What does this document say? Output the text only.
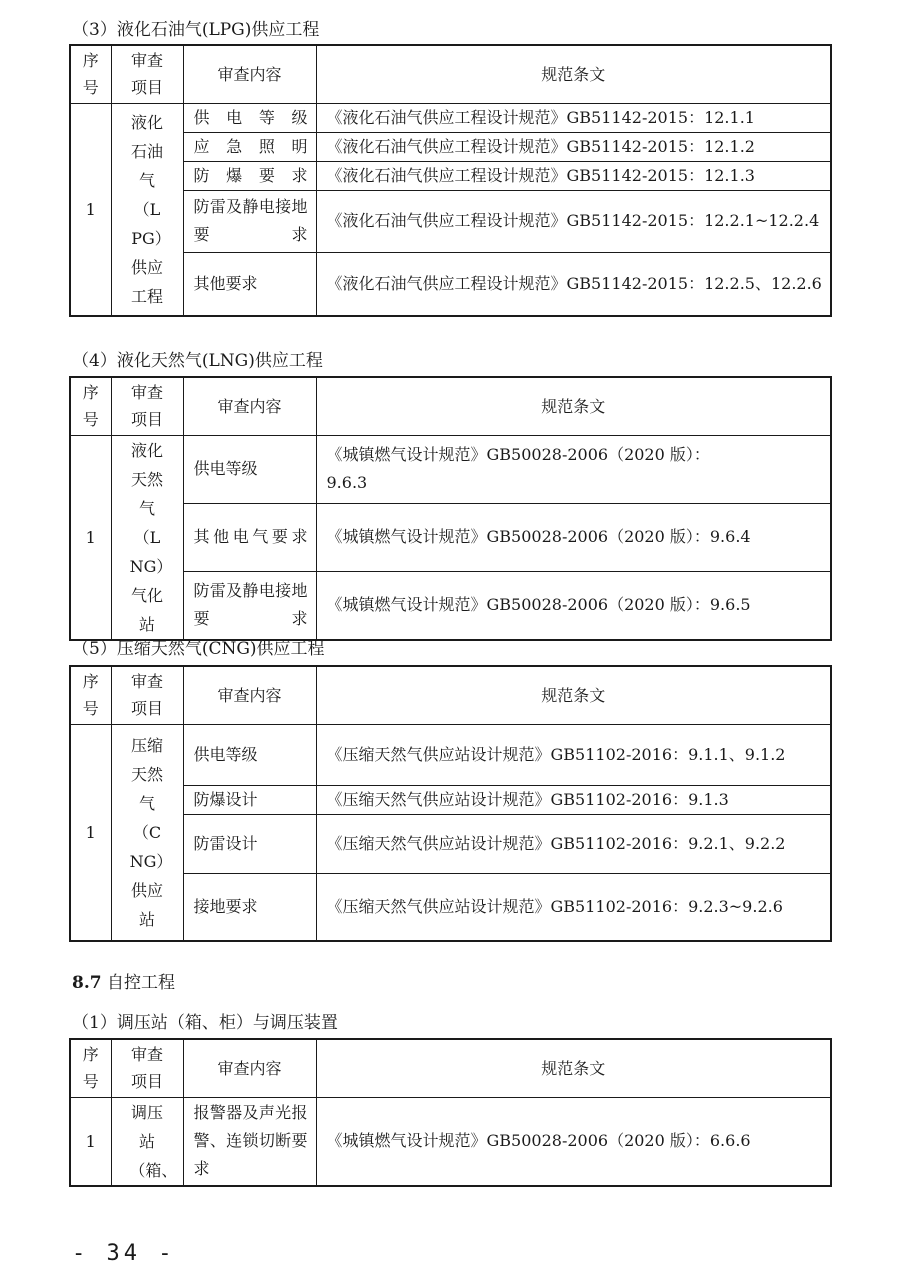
（3）液化石油气(LPG)供应工程
序号	审查项目	审查内容	规范条文
1	液化石油气（LPG）供应工程	供电等级	《液化石油气供应工程设计规范》GB51142-2015：12.1.1
		应急照明	《液化石油气供应工程设计规范》GB51142-2015：12.1.2
		防爆要求	《液化石油气供应工程设计规范》GB51142-2015：12.1.3
		防雷及静电接地要求	《液化石油气供应工程设计规范》GB51142-2015：12.2.1~12.2.4
		其他要求	《液化石油气供应工程设计规范》GB51142-2015：12.2.5、12.2.6
（4）液化天然气(LNG)供应工程
序号	审查项目	审查内容	规范条文
1	液化天然气（LNG）气化站	供电等级	《城镇燃气设计规范》GB50028-2006（2020 版）：9.6.3

		其他电气要求	《城镇燃气设计规范》GB50028-2006（2020 版）：9.6.4
		防雷及静电接地要求	《城镇燃气设计规范》GB50028-2006（2020 版）：9.6.5
（5）压缩天然气(CNG)供应工程
序号	审查项目	审查内容	规范条文
1	压缩天然气（CNG）供应站	供电等级	《压缩天然气供应站设计规范》GB51102-2016：9.1.1、9.1.2
		防爆设计	《压缩天然气供应站设计规范》GB51102-2016：9.1.3
		防雷设计	《压缩天然气供应站设计规范》GB51102-2016：9.2.1、9.2.2
		接地要求	《压缩天然气供应站设计规范》GB51102-2016：9.2.3~9.2.6
8.7 自控工程
（1）调压站（箱、柜）与调压装置
序号	审查项目	审查内容	规范条文
1	调压站（箱、	报警器及声光报警、连锁切断要求	《城镇燃气设计规范》GB50028-2006（2020 版）：6.6.6
- 34 -
